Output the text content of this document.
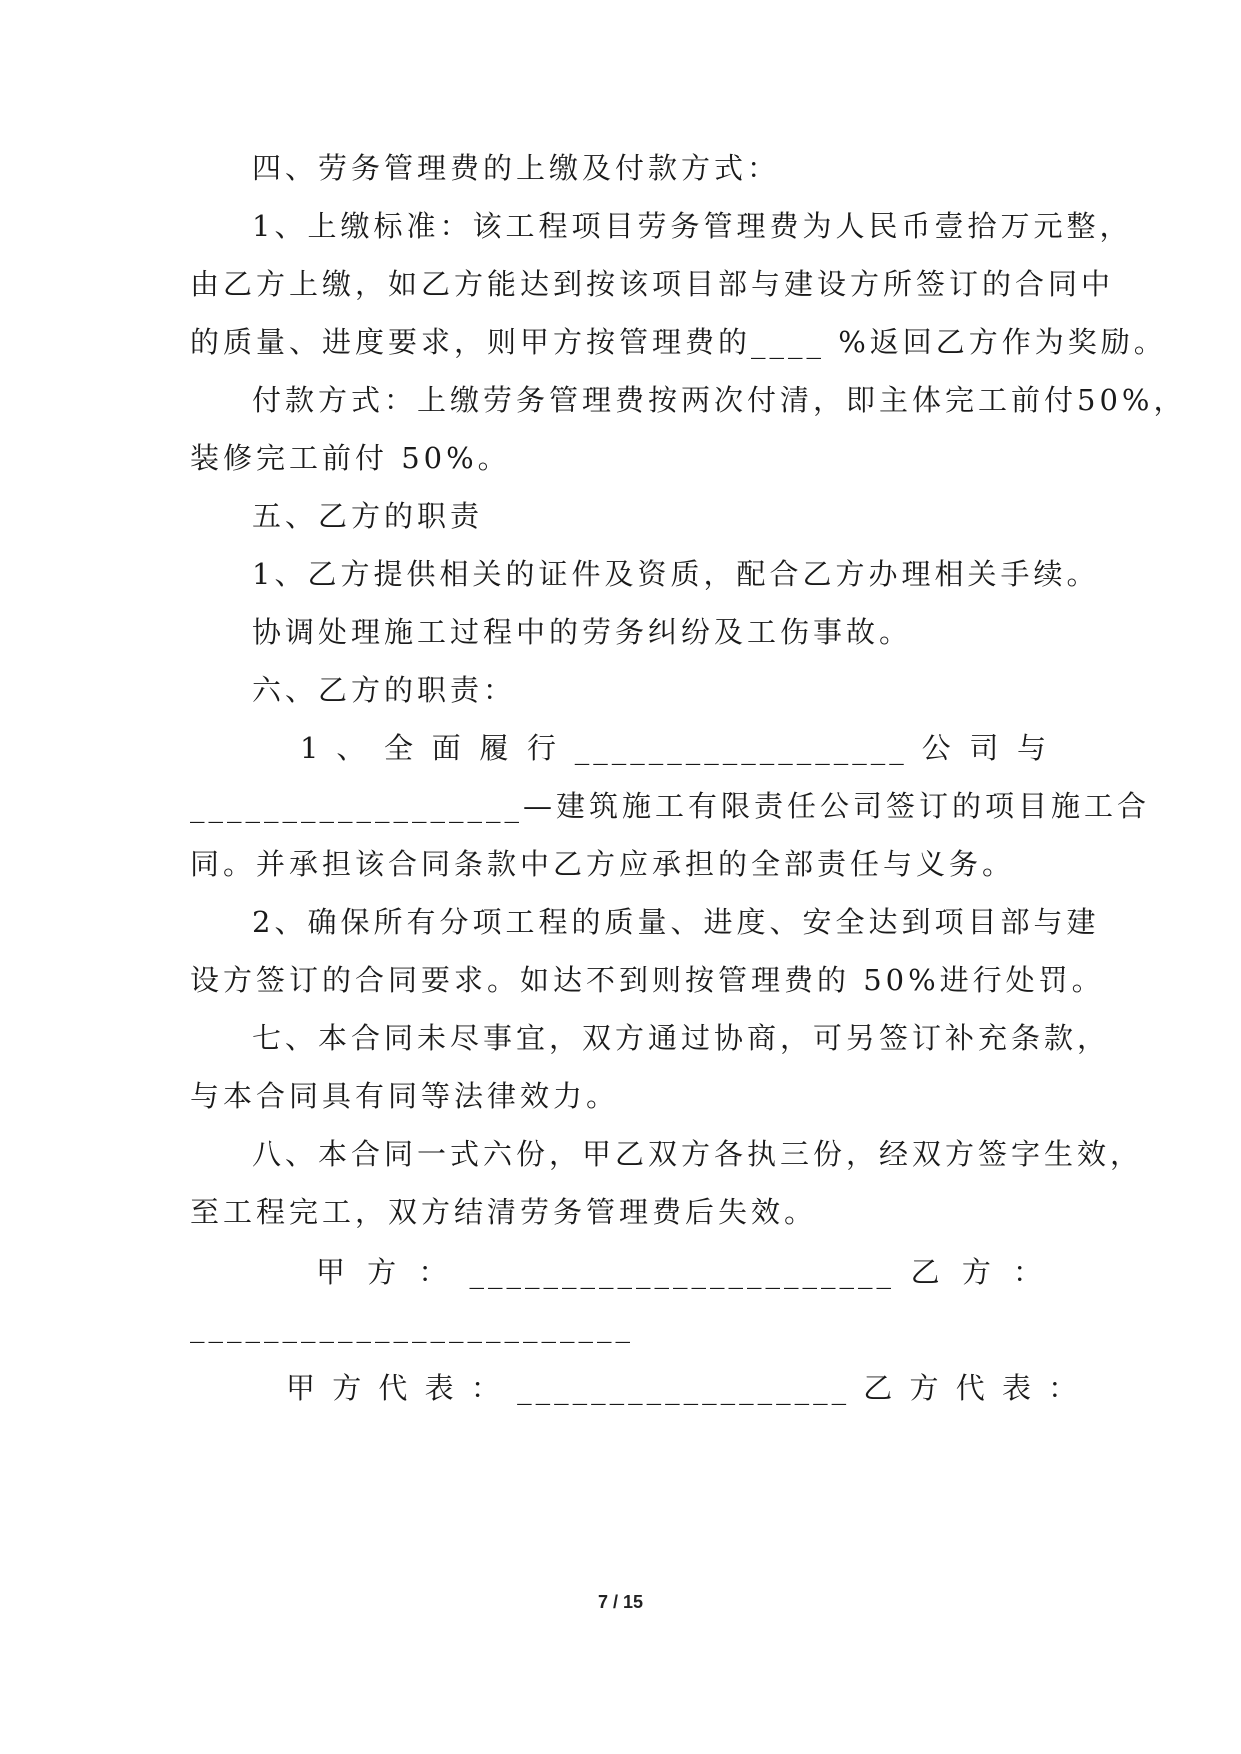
四、劳务管理费的上缴及付款方式：
1、上缴标准：该工程项目劳务管理费为人民币壹拾万元整，
由乙方上缴，如乙方能达到按该项目部与建设方所签订的合同中
的质量、进度要求，则甲方按管理费的____ %返回乙方作为奖励。
付款方式：上缴劳务管理费按两次付清，即主体完工前付50%，
装修完工前付 50%。
五、乙方的职责
1、乙方提供相关的证件及资质，配合乙方办理相关手续。
协调处理施工过程中的劳务纠纷及工伤事故。
六、乙方的职责：
1 、 全 面 履 行 __________________ 公 司 与
__________________—建筑施工有限责任公司签订的项目施工合
同。并承担该合同条款中乙方应承担的全部责任与义务。
2、确保所有分项工程的质量、进度、安全达到项目部与建
设方签订的合同要求。如达不到则按管理费的 50%进行处罚。
七、本合同未尽事宜，双方通过协商，可另签订补充条款，
与本合同具有同等法律效力。
八、本合同一式六份，甲乙双方各执三份，经双方签字生效，
至工程完工，双方结清劳务管理费后失效。
甲 方 ： _______________________ 乙 方 ：
________________________
甲 方 代 表 ： __________________ 乙 方 代 表 ：
7 / 15
